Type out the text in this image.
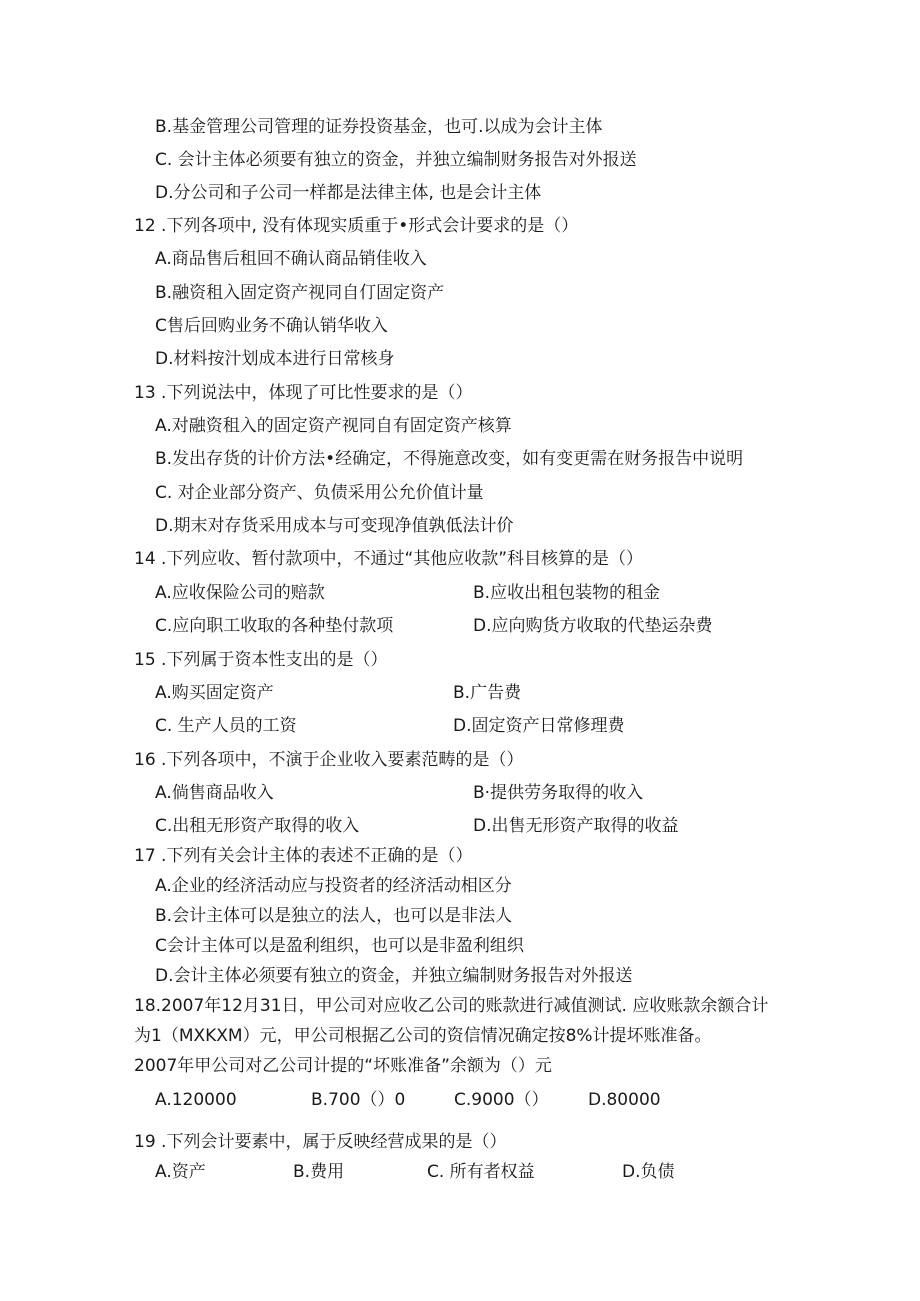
B.基金管理公司管理的证券投资基金，也可.以成为会计主体
C. 会计主体必须要有独立的资金，并独立编制财务报告对外报送
D.分公司和子公司一样都是法律主体, 也是会计主体
12 .下列各项中, 没有体现实质重于•形式会计要求的是（）
A.商品售后租回不确认商品销佳收入
B.融资租入固定资产视同自仃固定资产
C售后回购业务不确认销华收入
D.材料按汁划成本进行日常核身
13 .下列说法中，体现了可比性要求的是（）
A.对融资租入的固定资产视同自有固定资产核算
B.发出存货的计价方法•经确定，不得施意改变，如有变更需在财务报告中说明
C. 对企业部分资产、负债采用公允价值计量
D.期末对存货采用成本与可变现净值孰低法计价
14 .下列应收、暂付款项中，不通过“其他应收款”科目核算的是（）
A.应收保险公司的赔款	B.应收出租包装物的租金
C.应向职工收取的各种垫付款项	D.应向购货方收取的代垫运杂费
15 .下列属于资本性支出的是（）
A.购买固定资产	B.广告费
C. 生产人员的工资	D.固定资产日常修理费
16 .下列各项中，不演于企业收入要素范畴的是（）
A.倘售商品收入	B·提供劳务取得的收入
C.出租无形资产取得的收入	D.出售无形资产取得的收益
17 .下列有关会计主体的表述不正确的是（）
A.企业的经济活动应与投资者的经济活动相区分
B.会计主体可以是独立的法人，也可以是非法人
C会计主体可以是盈利组织，也可以是非盈利组织
D.会计主体必须要有独立的资金，并独立编制财务报告对外报送
18.2007年12月31日，甲公司对应收乙公司的账款进行减值测试. 应收账款余额合计
为1（MXKXM）元，甲公司根据乙公司的资信情况确定按8%计提坏账准备。
2007年甲公司对乙公司计提的“坏账准备”余额为（）元
A.120000	B.700（）0	C.9000（） D.80000
19 .下列会计要素中，属于反映经营成果的是（）
A.资产	B.费用	C. 所有者权益	D.负债
